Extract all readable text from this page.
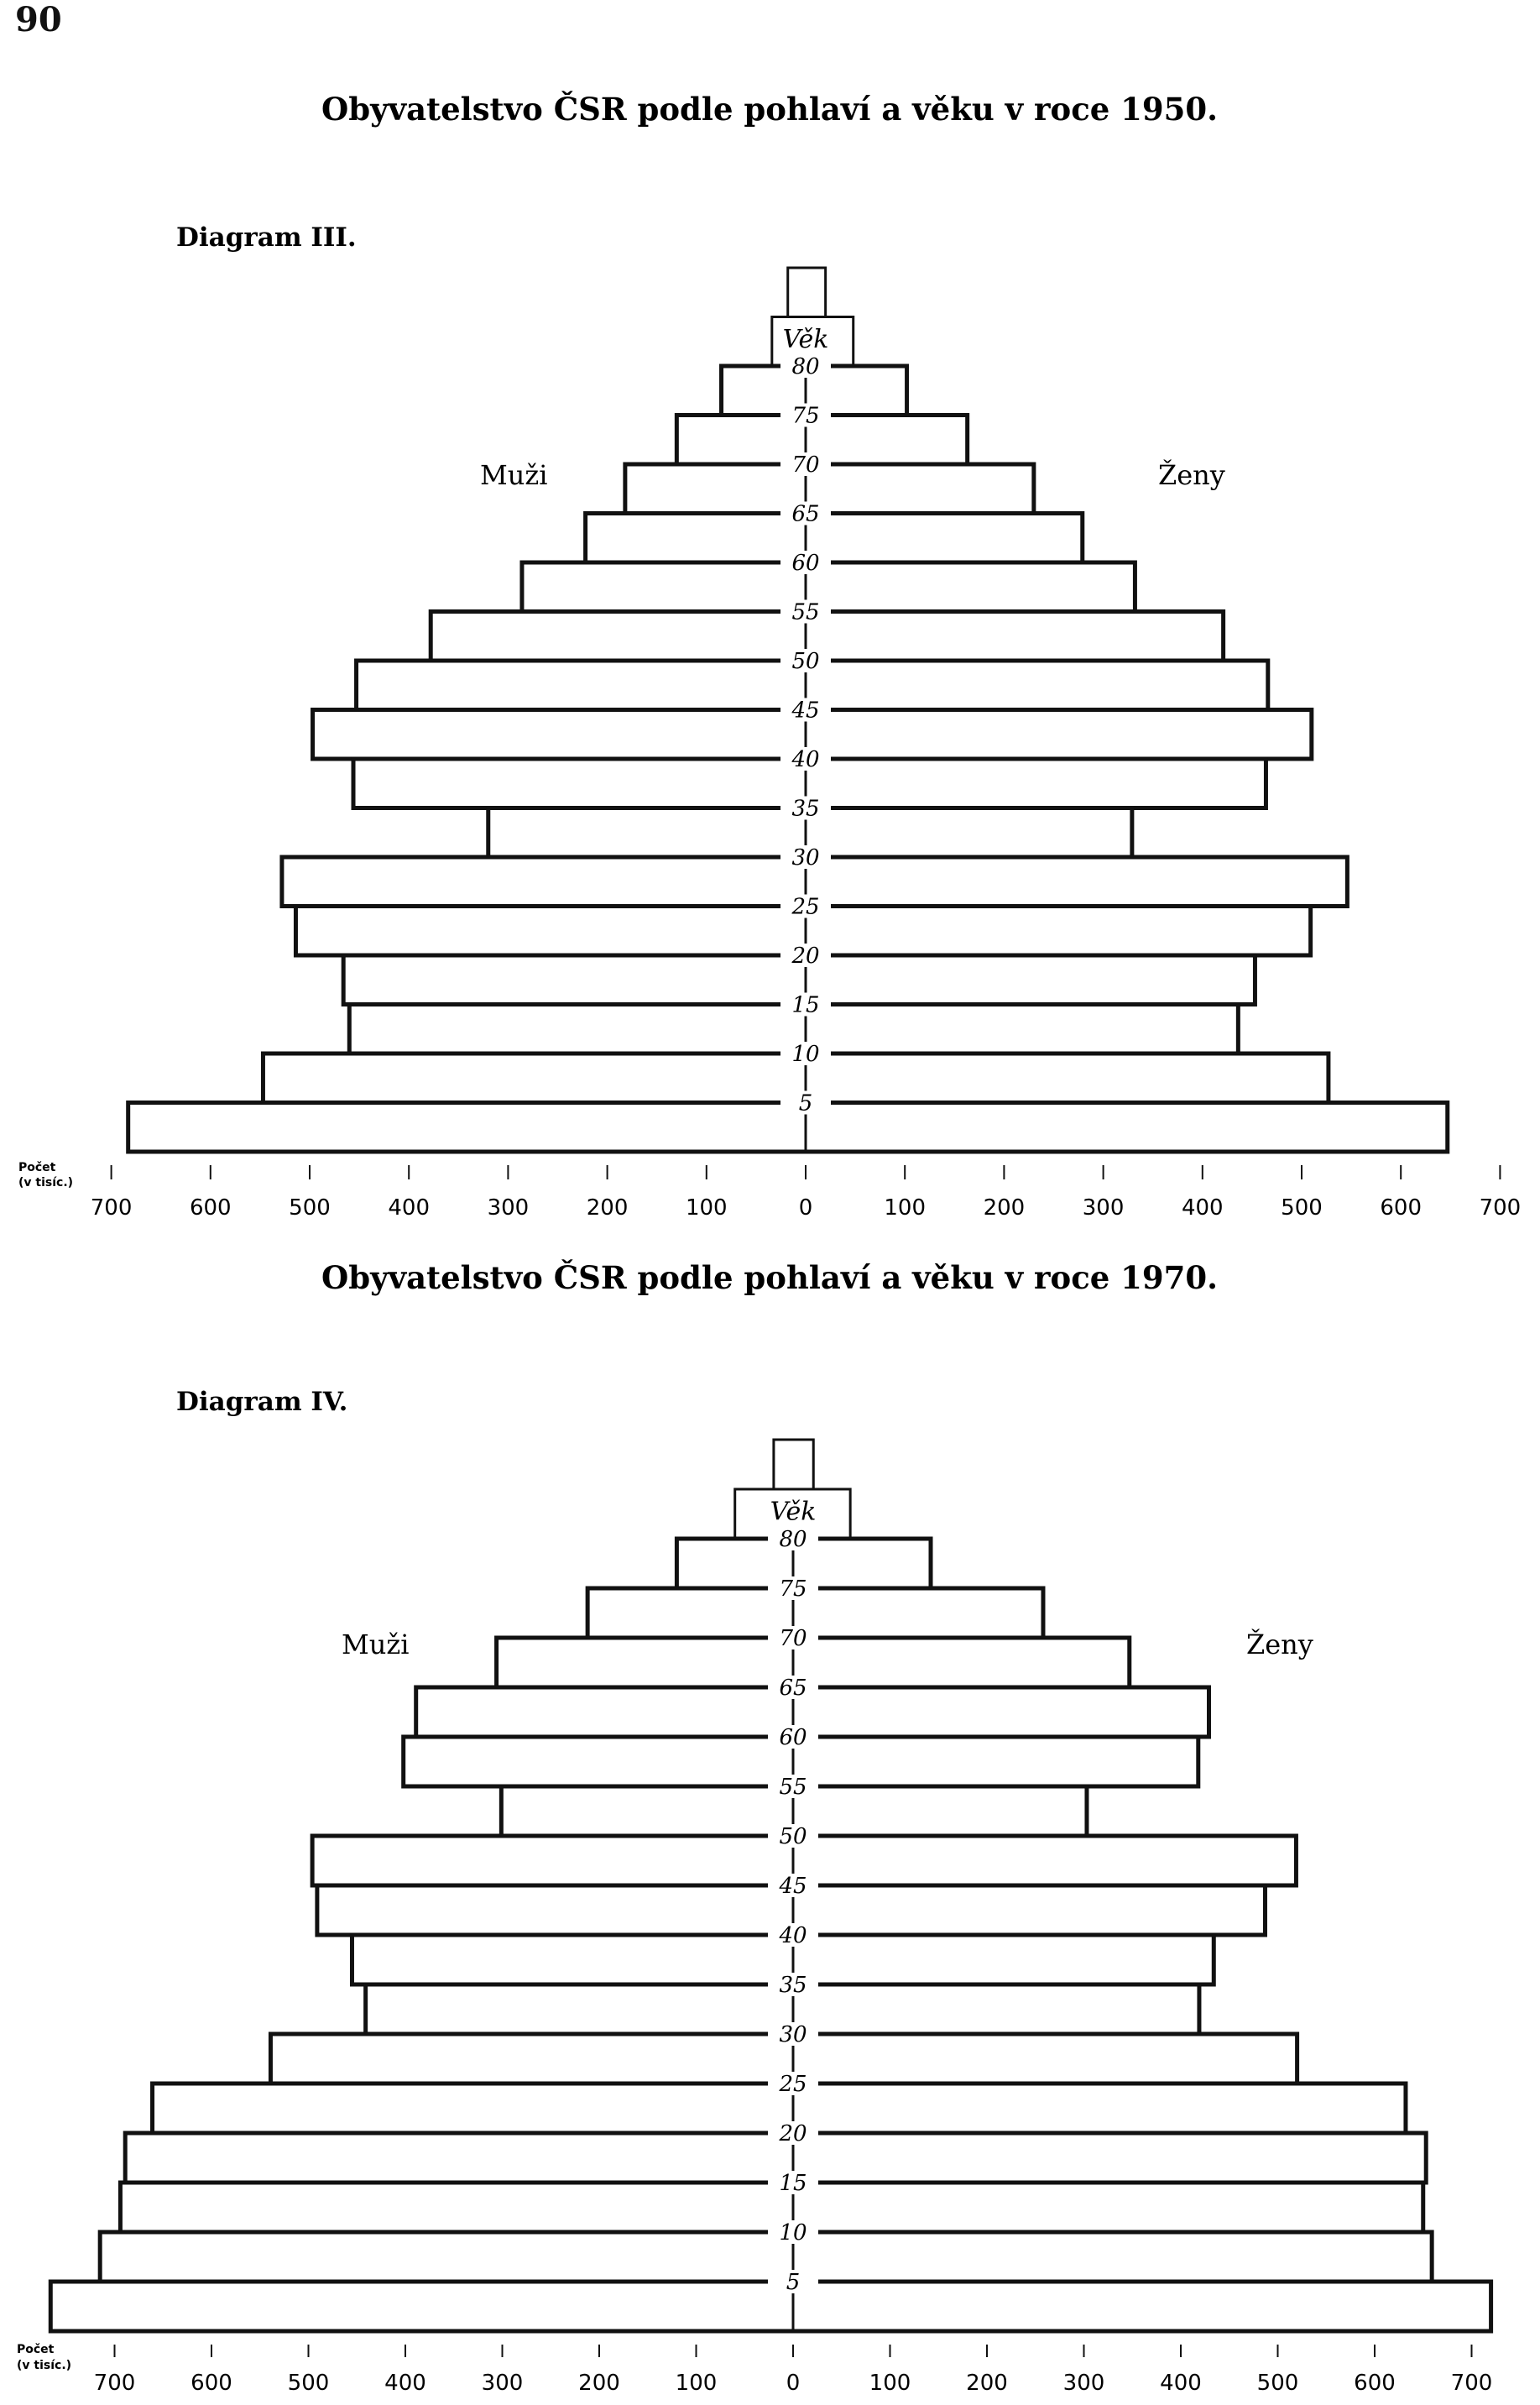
90
Obyvatelstvo ČSR podle pohlaví a věku v roce 1950.
Diagram III.
Muži	Ženy
80
75
70
65
60
55
50
45
40
35
30
25
20
15
10
5
Věk
700	600	500	400	300	200	100	0	100	200	300	400	500	600	700
Počet
(v tisíc.)
Obyvatelstvo ČSR podle pohlaví a věku v roce 1970.
Diagram IV.
Muži	Ženy
80
75
70
65
60
55
50
45
40
35
30
25
20
15
10
5
Věk
700	600	500	400	300	200	100	0	100	200	300	400	500	600	700
Počet
(v tisíc.)
